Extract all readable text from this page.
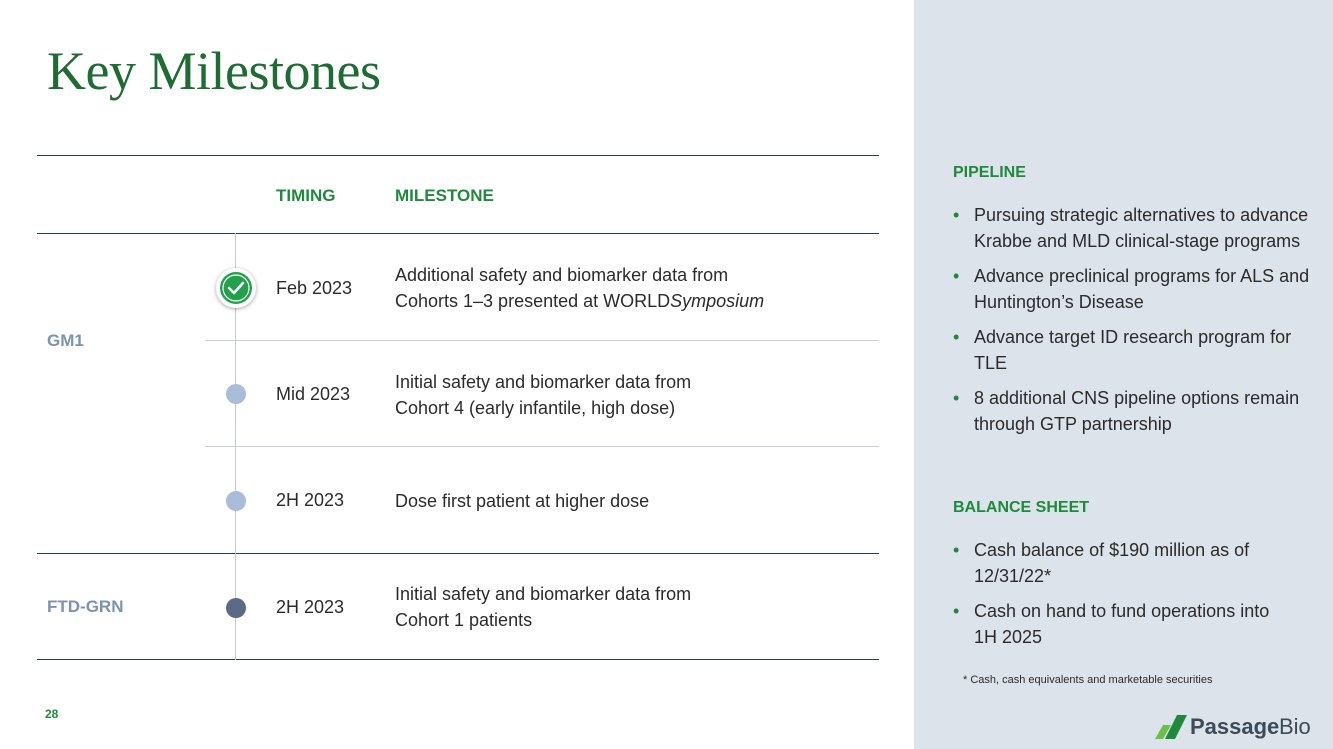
Key Milestones
TIMING	MILESTONE
GM1
FTD-GRN
Feb 2023
Additional safety and biomarker data from
Cohorts 1–3 presented at WORLDSymposium
Mid 2023
Initial safety and biomarker data from
Cohort 4 (early infantile, high dose)
2H 2023	Dose first patient at higher dose
2H 2023
Initial safety and biomarker data from
Cohort 1 patients
28
PIPELINE
• Pursuing strategic alternatives to advance Krabbe and MLD clinical-stage programs
• Advance preclinical programs for ALS and Huntington’s Disease
• Advance target ID research program for TLE
• 8 additional CNS pipeline options remain through GTP partnership
BALANCE SHEET
• Cash balance of $190 million as of 12/31/22*
• Cash on hand to fund operations into 1H 2025
* Cash, cash equivalents and marketable securities
Passage Bio
